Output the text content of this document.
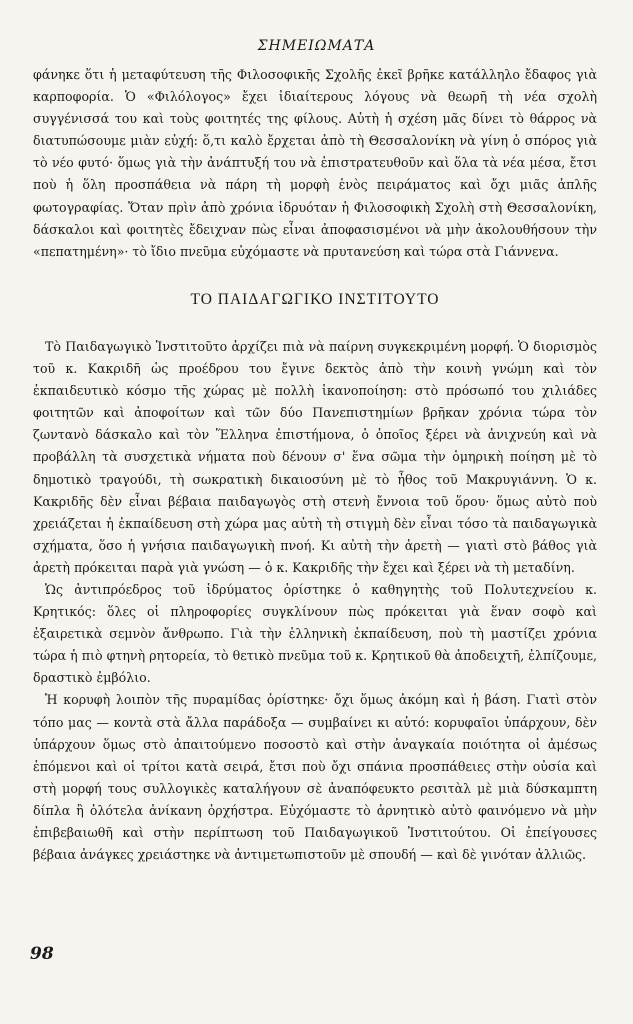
ΣΗΜΕΙΩΜΑΤΑ

φάνηκε ὅτι ἡ μεταφύτευση τῆς Φιλοσοφικῆς Σχολῆς ἐκεῖ βρῆκε κατάλληλο ἔδαφος γιὰ καρποφορία. Ὁ «Φιλόλογος» ἔχει ἰδιαίτερους λόγους νὰ θεωρῆ τὴ νέα σχολὴ συγγένισσά του καὶ τοὺς φοιτητές της φίλους. Αὐτὴ ἡ σχέση μᾶς δίνει τὸ θάρρος νὰ διατυπώσουμε μιὰν εὐχή: ὅ,τι καλὸ ἔρχεται ἀπὸ τὴ Θεσσαλονίκη νὰ γίνη ὁ σπόρος γιὰ τὸ νέο φυτό· ὅμως γιὰ τὴν ἀνάπτυξή του νὰ ἐπιστρατευθοῦν καὶ ὅλα τὰ νέα μέσα, ἔτσι ποὺ ἡ ὅλη προσπάθεια νὰ πάρη τὴ μορφὴ ἑνὸς πειράματος καὶ ὄχι μιᾶς ἁπλῆς φωτογραφίας. Ὅταν πρὶν ἀπὸ χρόνια ἱδρυόταν ἡ Φιλοσοφικὴ Σχολὴ στὴ Θεσσαλονίκη, δάσκαλοι καὶ φοιτητὲς ἔδειχναν πὼς εἶναι ἀποφασισμένοι νὰ μὴν ἀκολουθήσουν τὴν «πεπατημένη»· τὸ ἴδιο πνεῦμα εὐχόμαστε νὰ πρυτανεύση καὶ τώρα στὰ Γιάννενα.

ΤΟ ΠΑΙΔΑΓΩΓΙΚΟ ΙΝΣΤΙΤΟΥΤΟ

Τὸ Παιδαγωγικὸ Ἰνστιτοῦτο ἀρχίζει πιὰ νὰ παίρνη συγκεκριμένη μορφή. Ὁ διορισμὸς τοῦ κ. Κακριδῆ ὡς προέδρου του ἔγινε δεκτὸς ἀπὸ τὴν κοινὴ γνώμη καὶ τὸν ἐκπαιδευτικὸ κόσμο τῆς χώρας μὲ πολλὴ ἱκανοποίηση: στὸ πρόσωπό του χιλιάδες φοιτητῶν καὶ ἀποφοίτων καὶ τῶν δύο Πανεπιστημίων βρῆκαν χρόνια τώρα τὸν ζωντανὸ δάσκαλο καὶ τὸν Ἕλληνα ἐπιστήμονα, ὁ ὁποῖος ξέρει νὰ ἀνιχνεύη καὶ νὰ προβάλλη τὰ συσχετικὰ νήματα ποὺ δένουν σ' ἕνα σῶμα τὴν ὁμηρικὴ ποίηση μὲ τὸ δημοτικὸ τραγούδι, τὴ σωκρατικὴ δικαιοσύνη μὲ τὸ ἦθος τοῦ Μακρυγιάννη. Ὁ κ. Κακριδῆς δὲν εἶναι βέβαια παιδαγωγὸς στὴ στενὴ ἔννοια τοῦ ὅρου· ὅμως αὐτὸ ποὺ χρειάζεται ἡ ἐκπαίδευση στὴ χώρα μας αὐτὴ τὴ στιγμὴ δὲν εἶναι τόσο τὰ παιδαγωγικὰ σχήματα, ὅσο ἡ γνήσια παιδαγωγικὴ πνοή. Κι αὐτὴ τὴν ἀρετὴ — γιατὶ στὸ βάθος γιὰ ἀρετὴ πρόκειται παρὰ γιὰ γνώση — ὁ κ. Κακριδῆς τὴν ἔχει καὶ ξέρει νὰ τὴ μεταδίνη.

Ὡς ἀντιπρόεδρος τοῦ ἱδρύματος ὁρίστηκε ὁ καθηγητὴς τοῦ Πολυτεχνείου κ. Κρητικός: ὅλες οἱ πληροφορίες συγκλίνουν πὼς πρόκειται γιὰ ἕναν σοφὸ καὶ ἐξαιρετικὰ σεμνὸν ἄνθρωπο. Γιὰ τὴν ἑλληνικὴ ἐκπαίδευση, ποὺ τὴ μαστίζει χρόνια τώρα ἡ πιὸ φτηνὴ ρητορεία, τὸ θετικὸ πνεῦμα τοῦ κ. Κρητικοῦ θὰ ἀποδειχτῆ, ἐλπίζουμε, δραστικὸ ἐμβόλιο.

Ἡ κορυφὴ λοιπὸν τῆς πυραμίδας ὁρίστηκε· ὄχι ὅμως ἀκόμη καὶ ἡ βάση. Γιατὶ στὸν τόπο μας — κοντὰ στὰ ἄλλα παράδοξα — συμβαίνει κι αὐτό: κορυφαῖοι ὑπάρχουν, δὲν ὑπάρχουν ὅμως στὸ ἀπαιτούμενο ποσοστὸ καὶ στὴν ἀναγκαία ποιότητα οἱ ἀμέσως ἑπόμενοι καὶ οἱ τρίτοι κατὰ σειρά, ἔτσι ποὺ ὄχι σπάνια προσπάθειες στὴν οὐσία καὶ στὴ μορφή τους συλλογικὲς καταλήγουν σὲ ἀναπόφευκτο ρεσιτὰλ μὲ μιὰ δύσκαμπτη δίπλα ἢ ὁλότελα ἀνίκανη ὀρχήστρα. Εὐχόμαστε τὸ ἀρνητικὸ αὐτὸ φαινόμενο νὰ μὴν ἐπιβεβαιωθῆ καὶ στὴν περίπτωση τοῦ Παιδαγωγικοῦ Ἰνστιτούτου. Οἱ ἐπείγουσες βέβαια ἀνάγκες χρειάστηκε νὰ ἀντιμετωπιστοῦν μὲ σπουδή — καὶ δὲ γινόταν ἀλλιῶς.

98
